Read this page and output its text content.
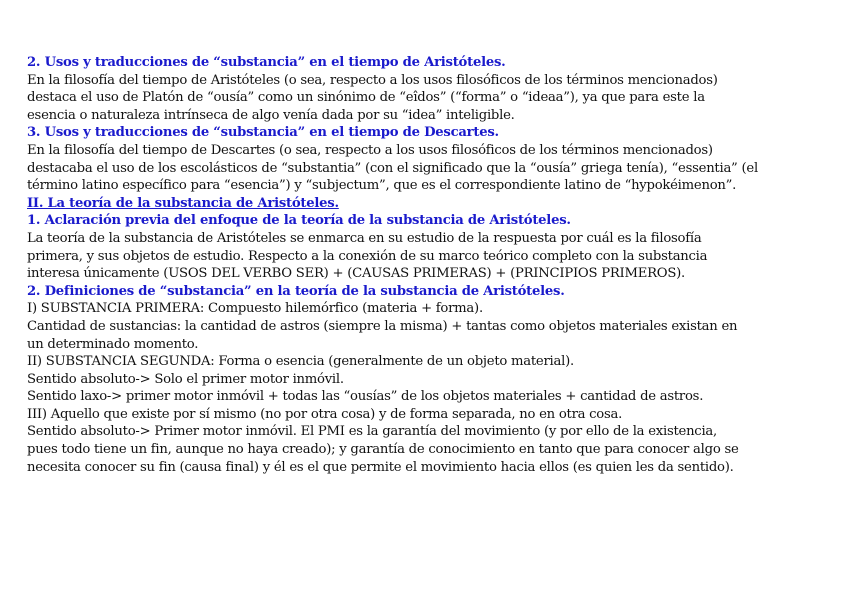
2. Usos y traducciones de “substancia” en el tiempo de Aristóteles.
En la filosofía del tiempo de Aristóteles (o sea, respecto a los usos filosóficos de los términos mencionados)
destaca el uso de Platón de “ousía” como un sinónimo de “eîdos” (“forma” o “ideaa”), ya que para este la
esencia o naturaleza intrínseca de algo venía dada por su “idea” inteligible.
3. Usos y traducciones de “substancia” en el tiempo de Descartes.
En la filosofía del tiempo de Descartes (o sea, respecto a los usos filosóficos de los términos mencionados)
destacaba el uso de los escolásticos de “substantia” (con el significado que la “ousía” griega tenía), “essentia” (el
término latino específico para “esencia”) y “subjectum”, que es el correspondiente latino de “hypokéimenon”.
II. La teoría de la substancia de Aristóteles.
1. Aclaración previa del enfoque de la teoría de la substancia de Aristóteles.
La teoría de la substancia de Aristóteles se enmarca en su estudio de la respuesta por cuál es la filosofía
primera, y sus objetos de estudio. Respecto a la conexión de su marco teórico completo con la substancia
interesa únicamente (USOS DEL VERBO SER) + (CAUSAS PRIMERAS) + (PRINCIPIOS PRIMEROS).
2. Definiciones de “substancia” en la teoría de la substancia de Aristóteles.
I) SUBSTANCIA PRIMERA: Compuesto hilemórfico (materia + forma).
Cantidad de sustancias: la cantidad de astros (siempre la misma) + tantas como objetos materiales existan en
un determinado momento.
II) SUBSTANCIA SEGUNDA: Forma o esencia (generalmente de un objeto material).
Sentido absoluto-> Solo el primer motor inmóvil.
Sentido laxo-> primer motor inmóvil + todas las “ousías” de los objetos materiales + cantidad de astros.
III) Aquello que existe por sí mismo (no por otra cosa) y de forma separada, no en otra cosa.
Sentido absoluto-> Primer motor inmóvil. El PMI es la garantía del movimiento (y por ello de la existencia,
pues todo tiene un fin, aunque no haya creado); y garantía de conocimiento en tanto que para conocer algo se
necesita conocer su fin (causa final) y él es el que permite el movimiento hacia ellos (es quien les da sentido).
